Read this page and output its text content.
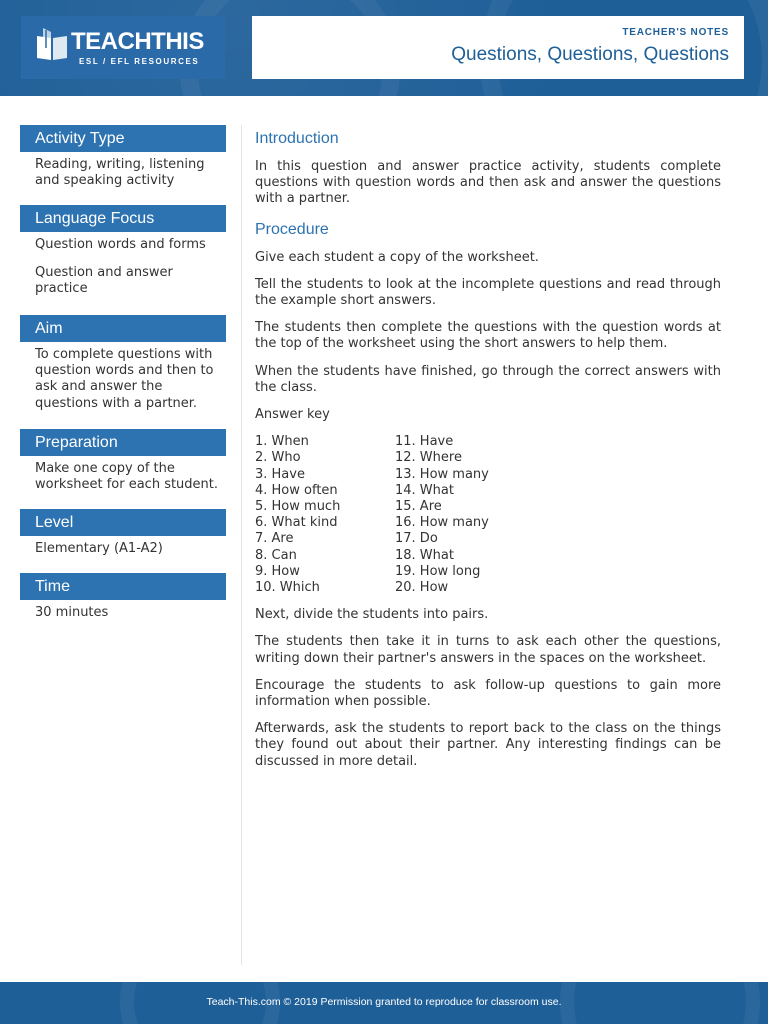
TEACHTHIS
ESL / EFL RESOURCES
TEACHER'S NOTES
Questions, Questions, Questions
Activity Type
Reading, writing, listening and speaking activity
Language Focus
Question words and forms
Question and answer practice
Aim
To complete questions with question words and then to ask and answer the questions with a partner.
Preparation
Make one copy of the worksheet for each student.
Level
Elementary (A1-A2)
Time
30 minutes
Introduction
In this question and answer practice activity, students complete questions with question words and then ask and answer the questions with a partner.
Procedure
Give each student a copy of the worksheet.
Tell the students to look at the incomplete questions and read through the example short answers.
The students then complete the questions with the question words at the top of the worksheet using the short answers to help them.
When the students have finished, go through the correct answers with the class.
Answer key
1. When
2. Who
3. Have
4. How often
5. How much
6. What kind
7. Are
8. Can
9. How
10. Which
11. Have
12. Where
13. How many
14. What
15. Are
16. How many
17. Do
18. What
19. How long
20. How
Next, divide the students into pairs.
The students then take it in turns to ask each other the questions, writing down their partner's answers in the spaces on the worksheet.
Encourage the students to ask follow-up questions to gain more information when possible.
Afterwards, ask the students to report back to the class on the things they found out about their partner. Any interesting findings can be discussed in more detail.
Teach-This.com © 2019 Permission granted to reproduce for classroom use.
